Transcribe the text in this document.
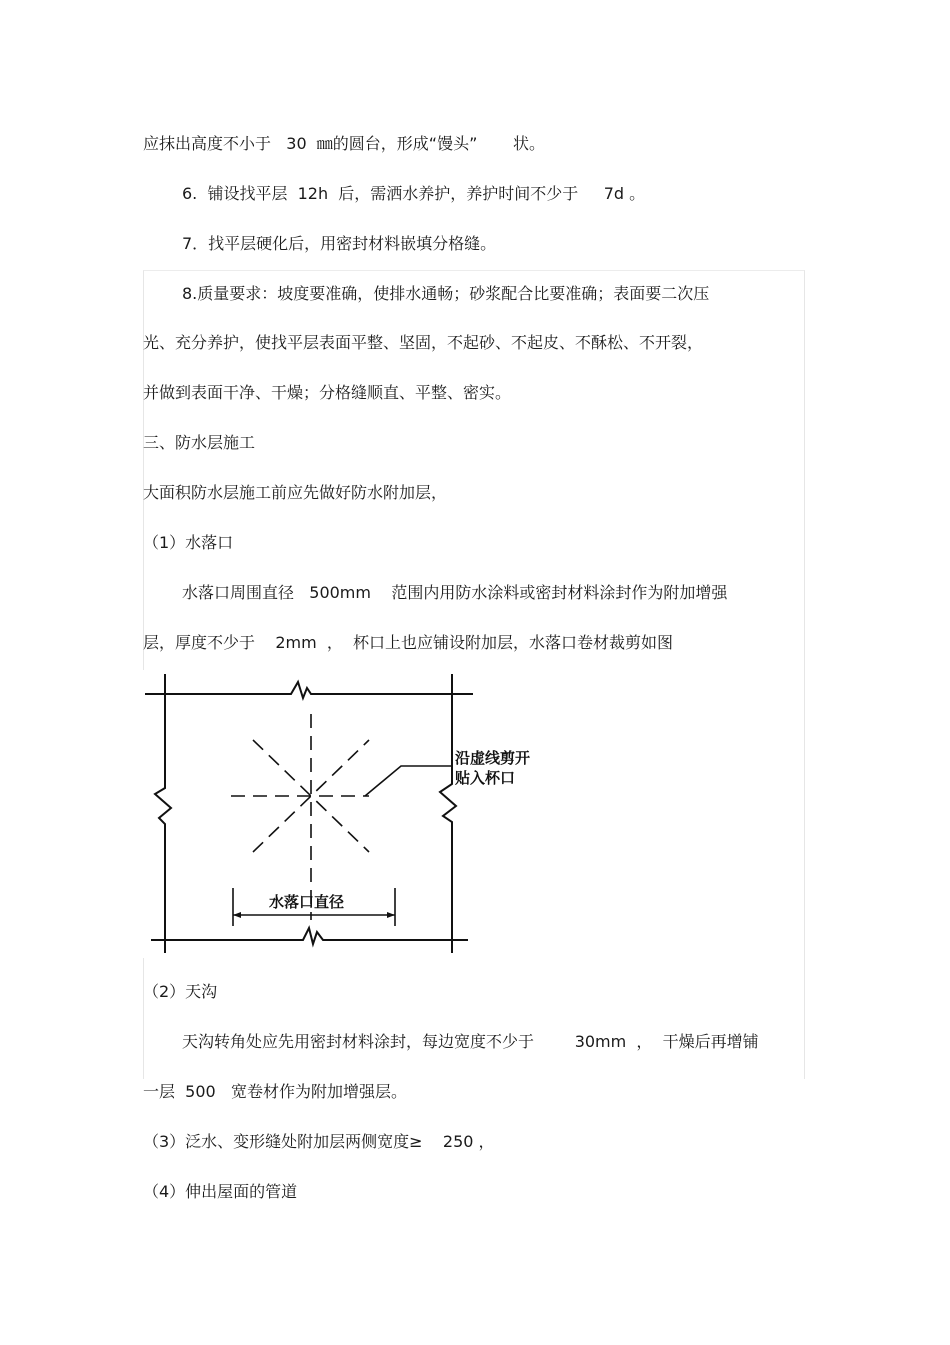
应抹出高度不小于   30  ㎜的圆台，形成“馒头”       状。
6.  铺设找平层  12h  后，需洒水养护，养护时间不少于     7d 。
7．找平层硬化后，用密封材料嵌填分格缝。
8.质量要求：坡度要准确，使排水通畅；砂浆配合比要准确；表面要二次压
光、充分养护，使找平层表面平整、坚固，不起砂、不起皮、不酥松、不开裂，
并做到表面干净、干燥；分格缝顺直、平整、密实。
三、防水层施工
大面积防水层施工前应先做好防水附加层，
（1）水落口
水落口周围直径   500mm    范围内用防水涂料或密封材料涂封作为附加增强
层，厚度不少于    2mm  ，  杯口上也应铺设附加层，水落口卷材裁剪如图
沿虚线剪开
贴入杯口
水落口直径
（2）天沟
天沟转角处应先用密封材料涂封，每边宽度不少于        30mm  ，  干燥后再增铺
一层  500   宽卷材作为附加增强层。
（3）泛水、变形缝处附加层两侧宽度≥    250 ，
（4）伸出屋面的管道
